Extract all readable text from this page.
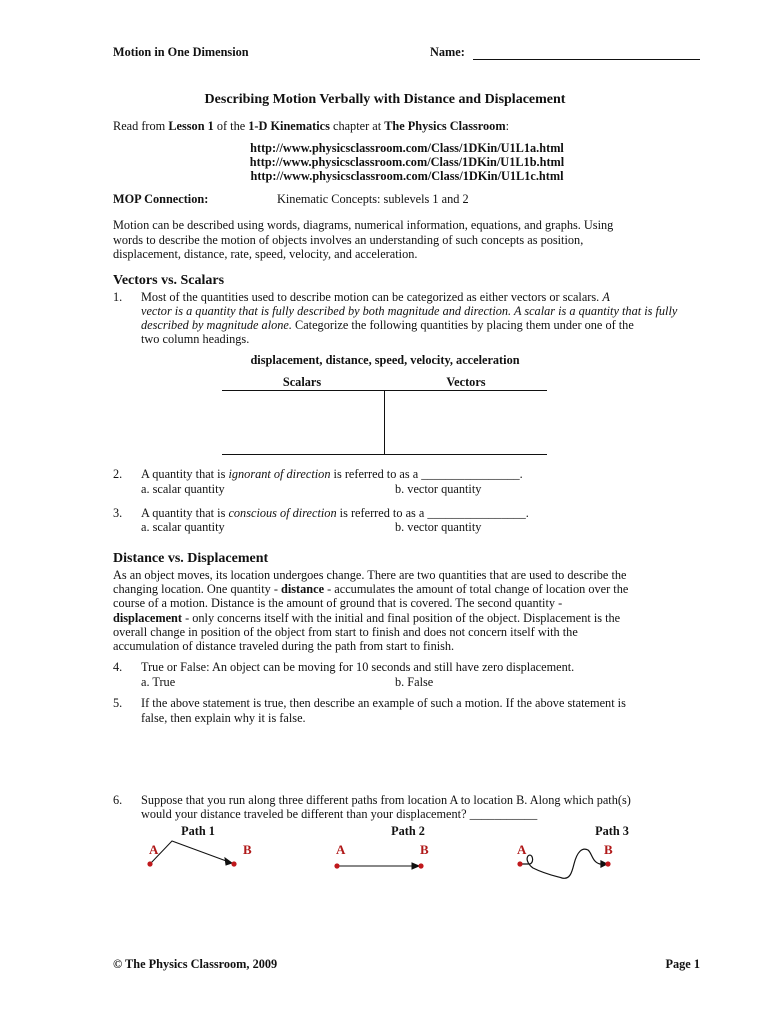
Motion in One Dimension	Name:
Describing Motion Verbally with Distance and Displacement
Read from Lesson 1 of the 1-D Kinematics chapter at The Physics Classroom:
http://www.physicsclassroom.com/Class/1DKin/U1L1a.html
http://www.physicsclassroom.com/Class/1DKin/U1L1b.html
http://www.physicsclassroom.com/Class/1DKin/U1L1c.html
MOP Connection:	Kinematic Concepts: sublevels 1 and 2
Motion can be described using words, diagrams, numerical information, equations, and graphs. Using
words to describe the motion of objects involves an understanding of such concepts as position,
displacement, distance, rate, speed, velocity, and acceleration.
Vectors vs. Scalars
1. Most of the quantities used to describe motion can be categorized as either vectors or scalars. A
vector is a quantity that is fully described by both magnitude and direction. A scalar is a quantity that is fully
described by magnitude alone. Categorize the following quantities by placing them under one of the
two column headings.
displacement, distance, speed, velocity, acceleration
Scalars	Vectors
2. A quantity that is ignorant of direction is referred to as a ________________.
a. scalar quantity	b. vector quantity
3. A quantity that is conscious of direction is referred to as a ________________.
a. scalar quantity	b. vector quantity
Distance vs. Displacement
As an object moves, its location undergoes change. There are two quantities that are used to describe the
changing location. One quantity - distance - accumulates the amount of total change of location over the
course of a motion. Distance is the amount of ground that is covered. The second quantity -
displacement - only concerns itself with the initial and final position of the object. Displacement is the
overall change in position of the object from start to finish and does not concern itself with the
accumulation of distance traveled during the path from start to finish.
4. True or False: An object can be moving for 10 seconds and still have zero displacement.
a. True	b. False
5. If the above statement is true, then describe an example of such a motion. If the above statement is
false, then explain why it is false.
6. Suppose that you run along three different paths from location A to location B. Along which path(s)
would your distance traveled be different than your displacement? ___________
Path 1
A	B
Path 2
A	B
Path 3
A	B
© The Physics Classroom, 2009	Page 1
